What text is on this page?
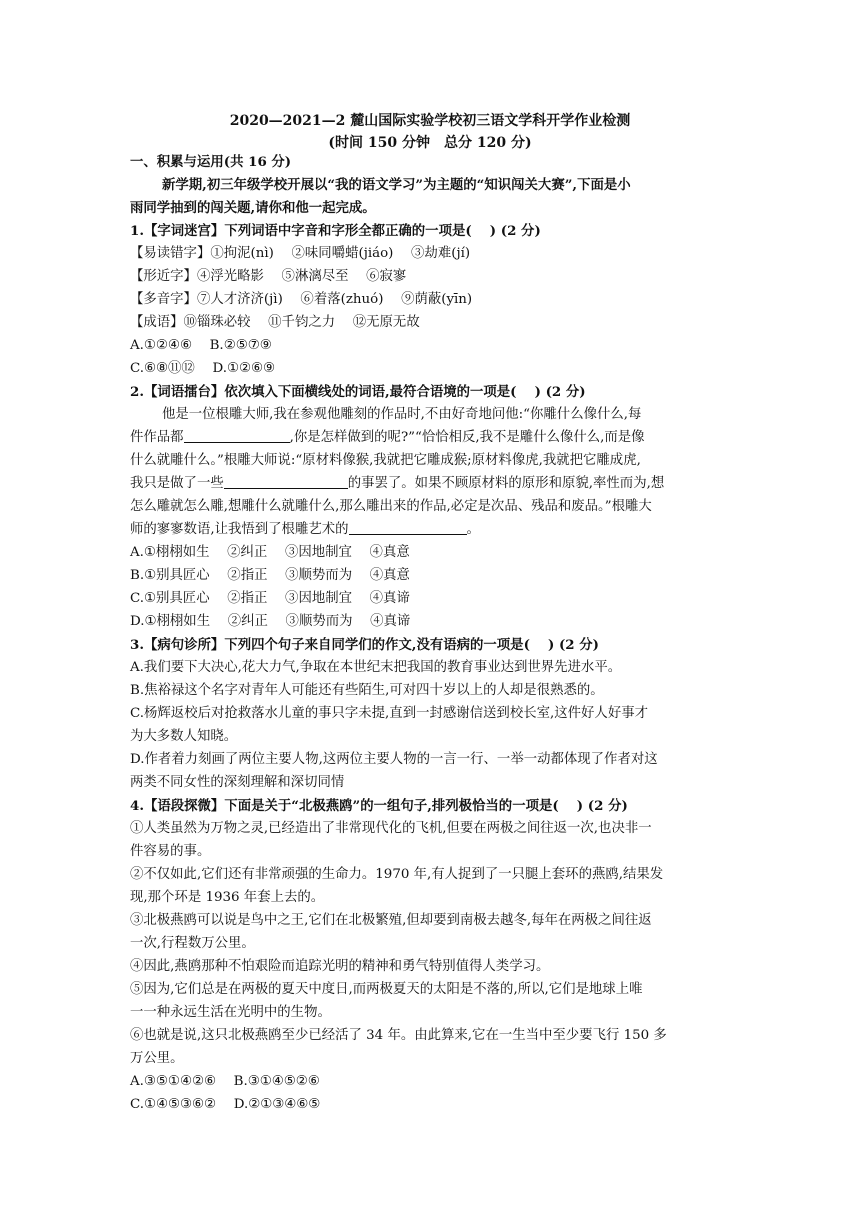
2020—2021—2 麓山国际实验学校初三语文学科开学作业检测
(时间 150 分钟　总分 120 分)
一、积累与运用(共 16 分)
新学期,初三年级学校开展以“我的语文学习”为主题的“知识闯关大赛”,下面是小
雨同学抽到的闯关题,请你和他一起完成。
1.【字词迷宫】下列词语中字音和字形全都正确的一项是(　 ) (2 分)
【易读错字】①拘泥(nì)　 ②味同嚼蜡(jiáo)　 ③劫难(jí)
【形近字】④浮光略影　 ⑤淋漓尽至　 ⑥寂寥
【多音字】⑦人才济济(jì)　 ⑥着落(zhuó)　 ⑨荫蔽(yīn)
【成语】⑩锱珠必较　 ⑪千钧之力　 ⑫无原无故
A.①②④⑥　 B.②⑤⑦⑨
C.⑥⑧⑪⑫　 D.①②⑥⑨
2.【词语擂台】依次填入下面横线处的词语,最符合语境的一项是(　 ) (2 分)
他是一位根雕大师,我在参观他雕刻的作品时,不由好奇地问他:“你雕什么像什么,每
件作品都	,你是怎样做到的呢?”“恰恰相反,我不是雕什么像什么,而是像
什么就雕什么。”根雕大师说:“原材料像猴,我就把它雕成猴;原材料像虎,我就把它雕成虎,
我只是做了一些	的事罢了。如果不顾原材料的原形和原貌,率性而为,想
怎么雕就怎么雕,想雕什么就雕什么,那么雕出来的作品,必定是次品、残品和废品。”根雕大
师的寥寥数语,让我悟到了根雕艺术的	。
A.①栩栩如生　 ②纠正　 ③因地制宜　 ④真意
B.①别具匠心　 ②指正　 ③顺势而为　 ④真意
C.①别具匠心　 ②指正　 ③因地制宜　 ④真谛
D.①栩栩如生　 ②纠正　 ③顺势而为　 ④真谛
3.【病句诊所】下列四个句子来自同学们的作文,没有语病的一项是(　 ) (2 分)
A.我们要下大决心,花大力气,争取在本世纪末把我国的教育事业达到世界先进水平。
B.焦裕禄这个名字对青年人可能还有些陌生,可对四十岁以上的人却是很熟悉的。
C.杨辉返校后对抢救落水儿童的事只字未提,直到一封感谢信送到校长室,这件好人好事才
为大多数人知晓。
D.作者着力刻画了两位主要人物,这两位主要人物的一言一行、一举一动都体现了作者对这
两类不同女性的深刻理解和深切同情
4.【语段探微】下面是关于“北极燕鸥”的一组句子,排列极恰当的一项是(　 ) (2 分)
①人类虽然为万物之灵,已经造出了非常现代化的飞机,但要在两极之间往返一次,也决非一
件容易的事。
②不仅如此,它们还有非常顽强的生命力。1970 年,有人捉到了一只腿上套环的燕鸥,结果发
现,那个环是 1936 年套上去的。
③北极燕鸥可以说是鸟中之王,它们在北极繁殖,但却要到南极去越冬,每年在两极之间往返
一次,行程数万公里。
④因此,燕鸥那种不怕艰险而追踪光明的精神和勇气特别值得人类学习。
⑤因为,它们总是在两极的夏天中度日,而两极夏天的太阳是不落的,所以,它们是地球上唯
一一种永远生活在光明中的生物。
⑥也就是说,这只北极燕鸥至少已经活了 34 年。由此算来,它在一生当中至少要飞行 150 多
万公里。
A.③⑤①④②⑥　 B.③①④⑤②⑥
C.①④⑤③⑥②　 D.②①③④⑥⑤
